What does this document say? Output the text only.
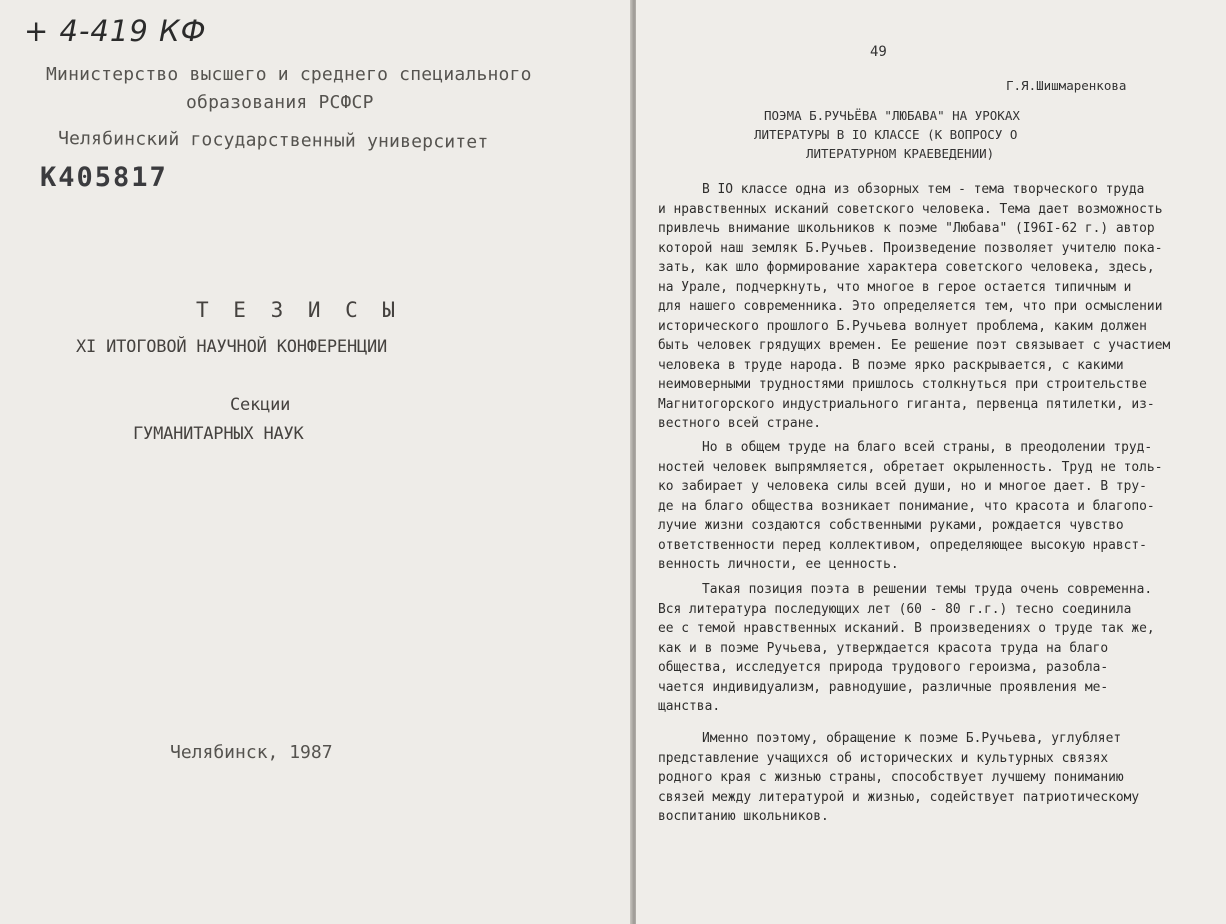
+ 4-419 КФ
Министерство высшего и среднего специального
образования РСФСР
Челябинский государственный университет
К405817
Т Е З И С Ы
XI ИТОГОВОЙ НАУЧНОЙ КОНФЕРЕНЦИИ
Секции
ГУМАНИТАРНЫХ НАУК
Челябинск, 1987
49
Г.Я.Шишмаренкова
ПОЭМА Б.РУЧЬЁВА "ЛЮБАВА" НА УРОКАХ
ЛИТЕРАТУРЫ В IO КЛАССЕ (К ВОПРОСУ О
ЛИТЕРАТУРНОМ КРАЕВЕДЕНИИ)
В IO классе одна из обзорных тем - тема творческого труда
и нравственных исканий советского человека. Тема дает возможность
привлечь внимание школьников к поэме "Любава" (I96I-62 г.) автор
которой наш земляк Б.Ручьев. Произведение позволяет учителю пока-
зать, как шло формирование характера советского человека, здесь,
на Урале, подчеркнуть, что многое в герое остается типичным и
для нашего современника. Это определяется тем, что при осмыслении
исторического прошлого Б.Ручьева волнует проблема, каким должен
быть человек грядущих времен. Ее решение поэт связывает с участием
человека в труде народа. В поэме ярко раскрывается, с какими
неимоверными трудностями пришлось столкнуться при строительстве
Магнитогорского индустриального гиганта, первенца пятилетки, из-
вестного всей стране.
Но в общем труде на благо всей страны, в преодолении труд-
ностей человек выпрямляется, обретает окрыленность. Труд не толь-
ко забирает у человека силы всей души, но и многое дает. В тру-
де на благо общества возникает понимание, что красота и благопо-
лучие жизни создаются собственными руками, рождается чувство
ответственности перед коллективом, определяющее высокую нравст-
венность личности, ее ценность.
Такая позиция поэта в решении темы труда очень современна.
Вся литература последующих лет (60 - 80 г.г.) тесно соединила
ее с темой нравственных исканий. В произведениях о труде так же,
как и в поэме Ручьева, утверждается красота труда на благо
общества, исследуется природа трудового героизма, разобла-
чается индивидуализм, равнодушие, различные проявления ме-
щанства.
Именно поэтому, обращение к поэме Б.Ручьева, углубляет
представление учащихся об исторических и культурных связях
родного края с жизнью страны, способствует лучшему пониманию
связей между литературой и жизнью, содействует патриотическому
воспитанию школьников.
